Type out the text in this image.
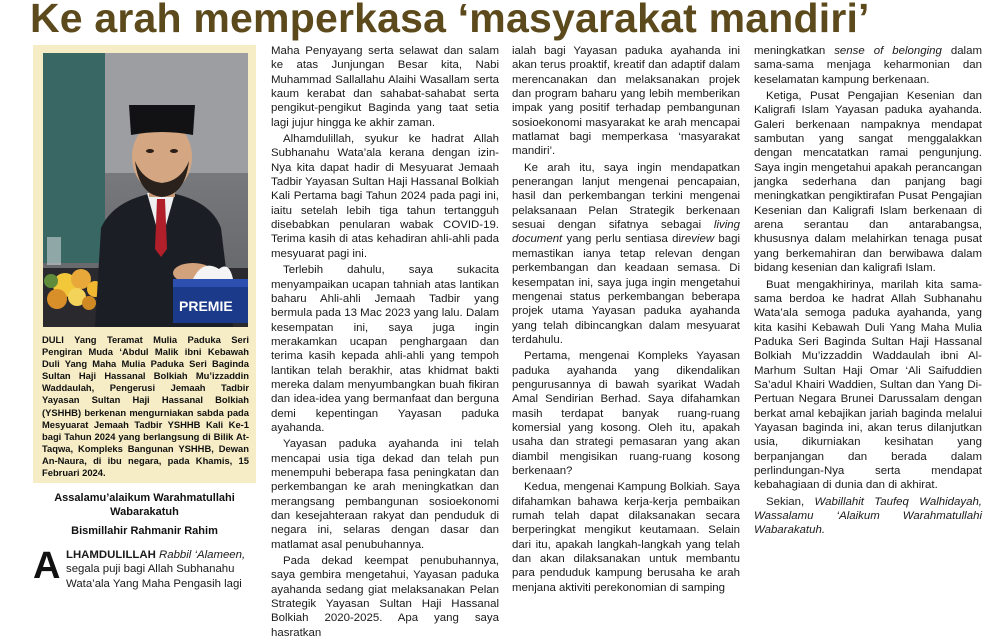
Ke arah memperkasa ‘masyarakat mandiri’
PREMIE

DULI Yang Teramat Mulia Paduka Seri Pengiran Muda ‘Abdul Malik ibni Kebawah Duli Yang Maha Mulia Paduka Seri Baginda Sultan Haji Hassanal Bolkiah Mu’izzaddin Waddaulah, Pengerusi Jemaah Tadbir Yayasan Sultan Haji Hassanal Bolkiah (YSHHB) berkenan mengurniakan sabda pada Mesyuarat Jemaah Tadbir YSHHB Kali Ke-1 bagi Tahun 2024 yang berlangsung di Bilik At-Taqwa, Kompleks Bangunan YSHHB, Dewan An-Naura, di ibu negara, pada Khamis, 15 Februari 2024.

Assalamu’alaikum Warahmatullahi Wabarakatuh

Bismillahir Rahmanir Rahim

A LHAMDULILLAH Rabbil ‘Alameen,
segala puji bagi Allah Subhanahu Wata’ala Yang Maha Pengasih lagi

Maha Penyayang serta selawat dan salam ke atas Junjungan Besar kita, Nabi Muhammad Sallallahu Alaihi Wasallam serta kaum kerabat dan sahabat-sahabat serta pengikut-pengikut Baginda yang taat setia lagi jujur hingga ke akhir zaman.

Alhamdulillah, syukur ke hadrat Allah Subhanahu Wata’ala kerana dengan izin-Nya kita dapat hadir di Mesyuarat Jemaah Tadbir Yayasan Sultan Haji Hassanal Bolkiah Kali Pertama bagi Tahun 2024 pada pagi ini, iaitu setelah lebih tiga tahun tertangguh disebabkan penularan wabak COVID-19. Terima kasih di atas kehadiran ahli-ahli pada mesyuarat pagi ini.

Terlebih dahulu, saya sukacita menyampaikan ucapan tahniah atas lantikan baharu Ahli-ahli Jemaah Tadbir yang bermula pada 13 Mac 2023 yang lalu. Dalam kesempatan ini, saya juga ingin merakamkan ucapan penghargaan dan terima kasih kepada ahli-ahli yang tempoh lantikan telah berakhir, atas khidmat bakti mereka dalam menyumbangkan buah fikiran dan idea-idea yang bermanfaat dan berguna demi kepentingan Yayasan paduka ayahanda.

Yayasan paduka ayahanda ini telah mencapai usia tiga dekad dan telah pun menempuhi beberapa fasa peningkatan dan perkembangan ke arah meningkatkan dan merangsang pembangunan sosioekonomi dan kesejahteraan rakyat dan penduduk di negara ini, selaras dengan dasar dan matlamat asal penubuhannya.

Pada dekad keempat penubuhannya, saya gembira mengetahui, Yayasan paduka ayahanda sedang giat melaksanakan Pelan Strategik Yayasan Sultan Haji Hassanal Bolkiah 2020-2025. Apa yang saya hasratkan

ialah bagi Yayasan paduka ayahanda ini akan terus proaktif, kreatif dan adaptif dalam merencanakan dan melaksanakan projek dan program baharu yang lebih memberikan impak yang positif terhadap pembangunan sosioekonomi masyarakat ke arah mencapai matlamat bagi memperkasa ‘masyarakat mandiri’.

Ke arah itu, saya ingin mendapatkan penerangan lanjut mengenai pencapaian, hasil dan perkembangan terkini mengenai pelaksanaan Pelan Strategik berkenaan sesuai dengan sifatnya sebagai living document yang perlu sentiasa direview bagi memastikan ianya tetap relevan dengan perkembangan dan keadaan semasa. Di kesempatan ini, saya juga ingin mengetahui mengenai status perkembangan beberapa projek utama Yayasan paduka ayahanda yang telah dibincangkan dalam mesyuarat terdahulu.

Pertama, mengenai Kompleks Yayasan paduka ayahanda yang dikendalikan pengurusannya di bawah syarikat Wadah Amal Sendirian Berhad. Saya difahamkan masih terdapat banyak ruang-ruang komersial yang kosong. Oleh itu, apakah usaha dan strategi pemasaran yang akan diambil mengisikan ruang-ruang kosong berkenaan?

Kedua, mengenai Kampung Bolkiah. Saya difahamkan bahawa kerja-kerja pembaikan rumah telah dapat dilaksanakan secara berperingkat mengikut keutamaan. Selain dari itu, apakah langkah-langkah yang telah dan akan dilaksanakan untuk membantu para penduduk kampung berusaha ke arah menjana aktiviti perekonomian di samping

meningkatkan sense of belonging dalam sama-sama menjaga keharmonian dan keselamatan kampung berkenaan.

Ketiga, Pusat Pengajian Kesenian dan Kaligrafi Islam Yayasan paduka ayahanda. Galeri berkenaan nampaknya mendapat sambutan yang sangat menggalakkan dengan mencatatkan ramai pengunjung. Saya ingin mengetahui apakah perancangan jangka sederhana dan panjang bagi meningkatkan pengiktirafan Pusat Pengajian Kesenian dan Kaligrafi Islam berkenaan di arena serantau dan antarabangsa, khususnya dalam melahirkan tenaga pusat yang berkemahiran dan berwibawa dalam bidang kesenian dan kaligrafi Islam.

Buat mengakhirinya, marilah kita sama-sama berdoa ke hadrat Allah Subhanahu Wata’ala semoga paduka ayahanda, yang kita kasihi Kebawah Duli Yang Maha Mulia Paduka Seri Baginda Sultan Haji Hassanal Bolkiah Mu’izzaddin Waddaulah ibni Al-Marhum Sultan Haji Omar ‘Ali Saifuddien Sa’adul Khairi Waddien, Sultan dan Yang Di-Pertuan Negara Brunei Darussalam dengan berkat amal kebajikan jariah baginda melalui Yayasan baginda ini, akan terus dilanjutkan usia, dikurniakan kesihatan yang berpanjangan dan berada dalam perlindungan-Nya serta mendapat kebahagiaan di dunia dan di akhirat.

Sekian, Wabillahit Taufeq Walhidayah, Wassalamu ‘Alaikum Warahmatullahi Wabarakatuh.
